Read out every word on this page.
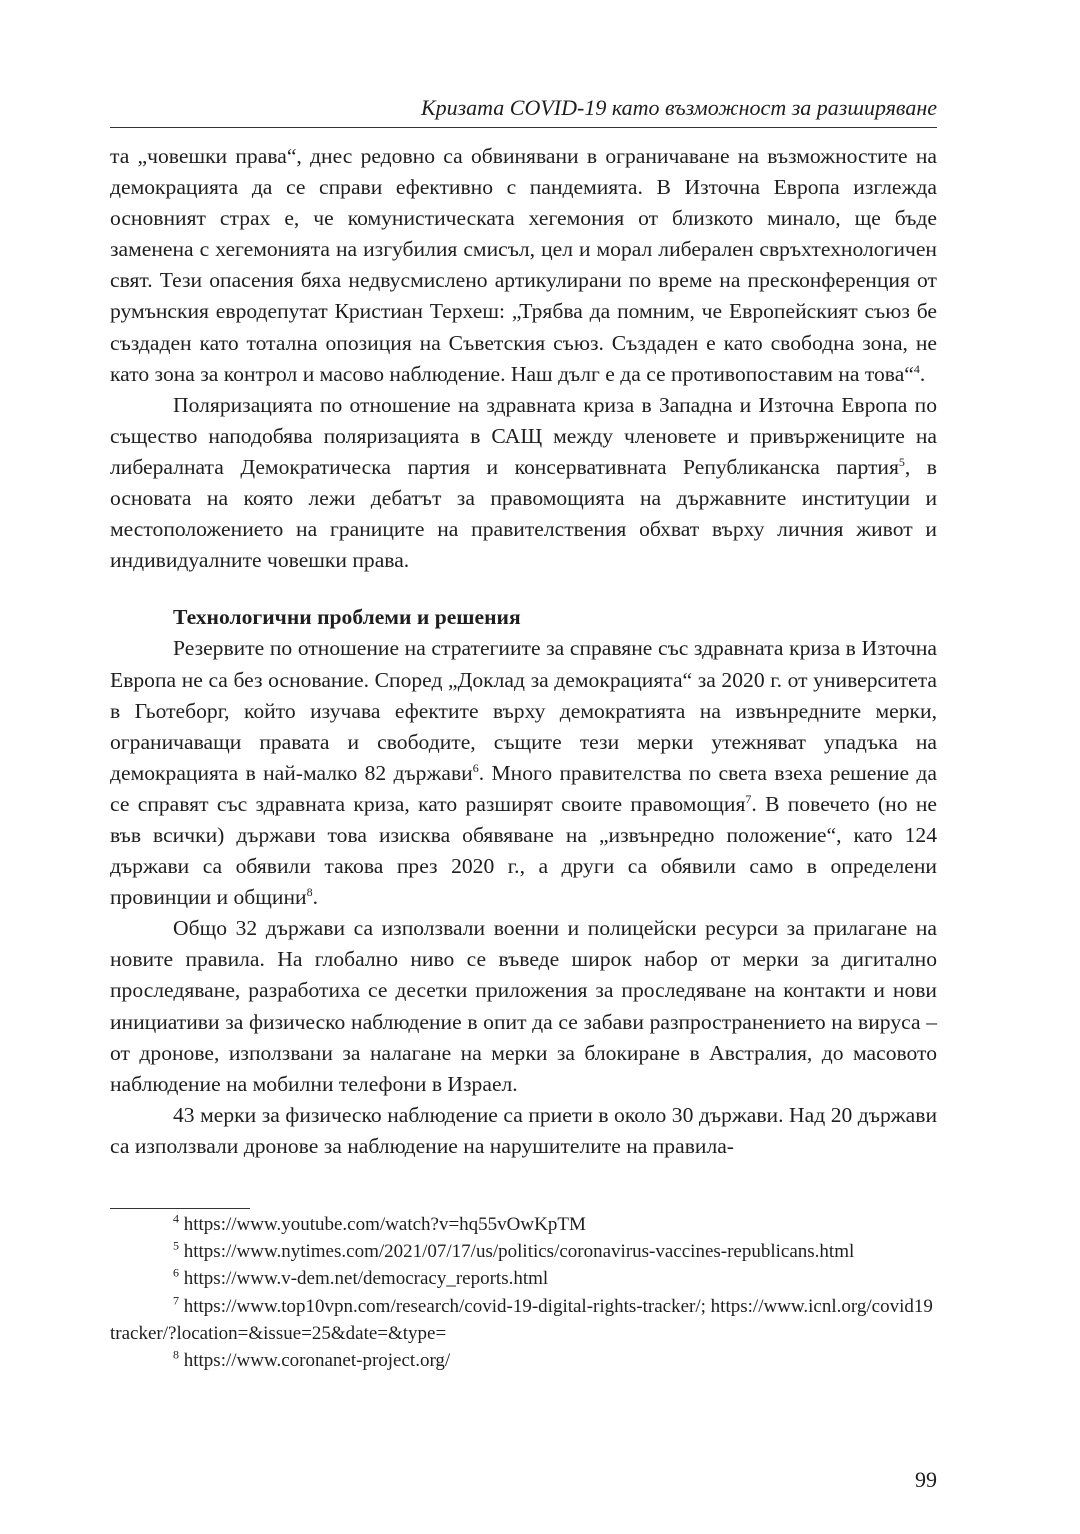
Кризата COVID-19 като възможност за разширяване

та „човешки права“, днес редовно са обвинявани в ограничаване на възможностите на демокрацията да се справи ефективно с пандемията. В Източна Европа изглежда основният страх е, че комунистическата хегемония от близкото минало, ще бъде заменена с хегемонията на изгубилия смисъл, цел и морал либерален свръхтехнологичен свят. Тези опасения бяха недвусмислено артикулирани по време на пресконференция от румънския евродепутат Кристиан Терхеш: „Трябва да помним, че Европейският съюз бе създаден като тотална опозиция на Съветския съюз. Създаден е като свободна зона, не като зона за контрол и масово наблюдение. Наш дълг е да се противопоставим на това“$^4$.

Поляризацията по отношение на здравната криза в Западна и Източна Европа по същество наподобява поляризацията в САЩ между членовете и привържениците на либералната Демократическа партия и консервативната Републиканска партия$^5$, в основата на която лежи дебатът за правомощията на държавните институции и местоположението на границите на правителствения обхват върху личния живот и индивидуалните човешки права.

Технологични проблеми и решения

Резервите по отношение на стратегиите за справяне със здравната криза в Източна Европа не са без основание. Според „Доклад за демокрацията“ за 2020 г. от университета в Гьотеборг, който изучава ефектите върху демократията на извънредните мерки, ограничаващи правата и свободите, същите тези мерки утежняват упадъка на демокрацията в най-малко 82 държави$^6$. Много правителства по света взеха решение да се справят със здравната криза, като разширят своите правомощия$^7$. В повечето (но не във всички) държави това изисква обявяване на „извънредно положение“, като 124 държави са обявили такова през 2020 г., а други са обявили само в определени провинции и общини$^8$.

Общо 32 държави са използвали военни и полицейски ресурси за прилагане на новите правила. На глобално ниво се въведе широк набор от мерки за дигитално проследяване, разработиха се десетки приложения за проследяване на контакти и нови инициативи за физическо наблюдение в опит да се забави разпространението на вируса – от дронове, използвани за налагане на мерки за блокиране в Австралия, до масовото наблюдение на мобилни телефони в Израел.

43 мерки за физическо наблюдение са приети в около 30 държави. Над 20 държави са използвали дронове за наблюдение на нарушителите на правила-

$^4$ https://www.youtube.com/watch?v=hq55vOwKpTM

$^5$ https://www.nytimes.com/2021/07/17/us/politics/coronavirus-vaccines-republicans.html

$^6$ https://www.v-dem.net/democracy_reports.html

$^7$ https://www.top10vpn.com/research/covid-19-digital-rights-tracker/; https://www.icnl.org/covid19tracker/?location=&issue=25&date=&type=

$^8$ https://www.coronanet-project.org/

99
